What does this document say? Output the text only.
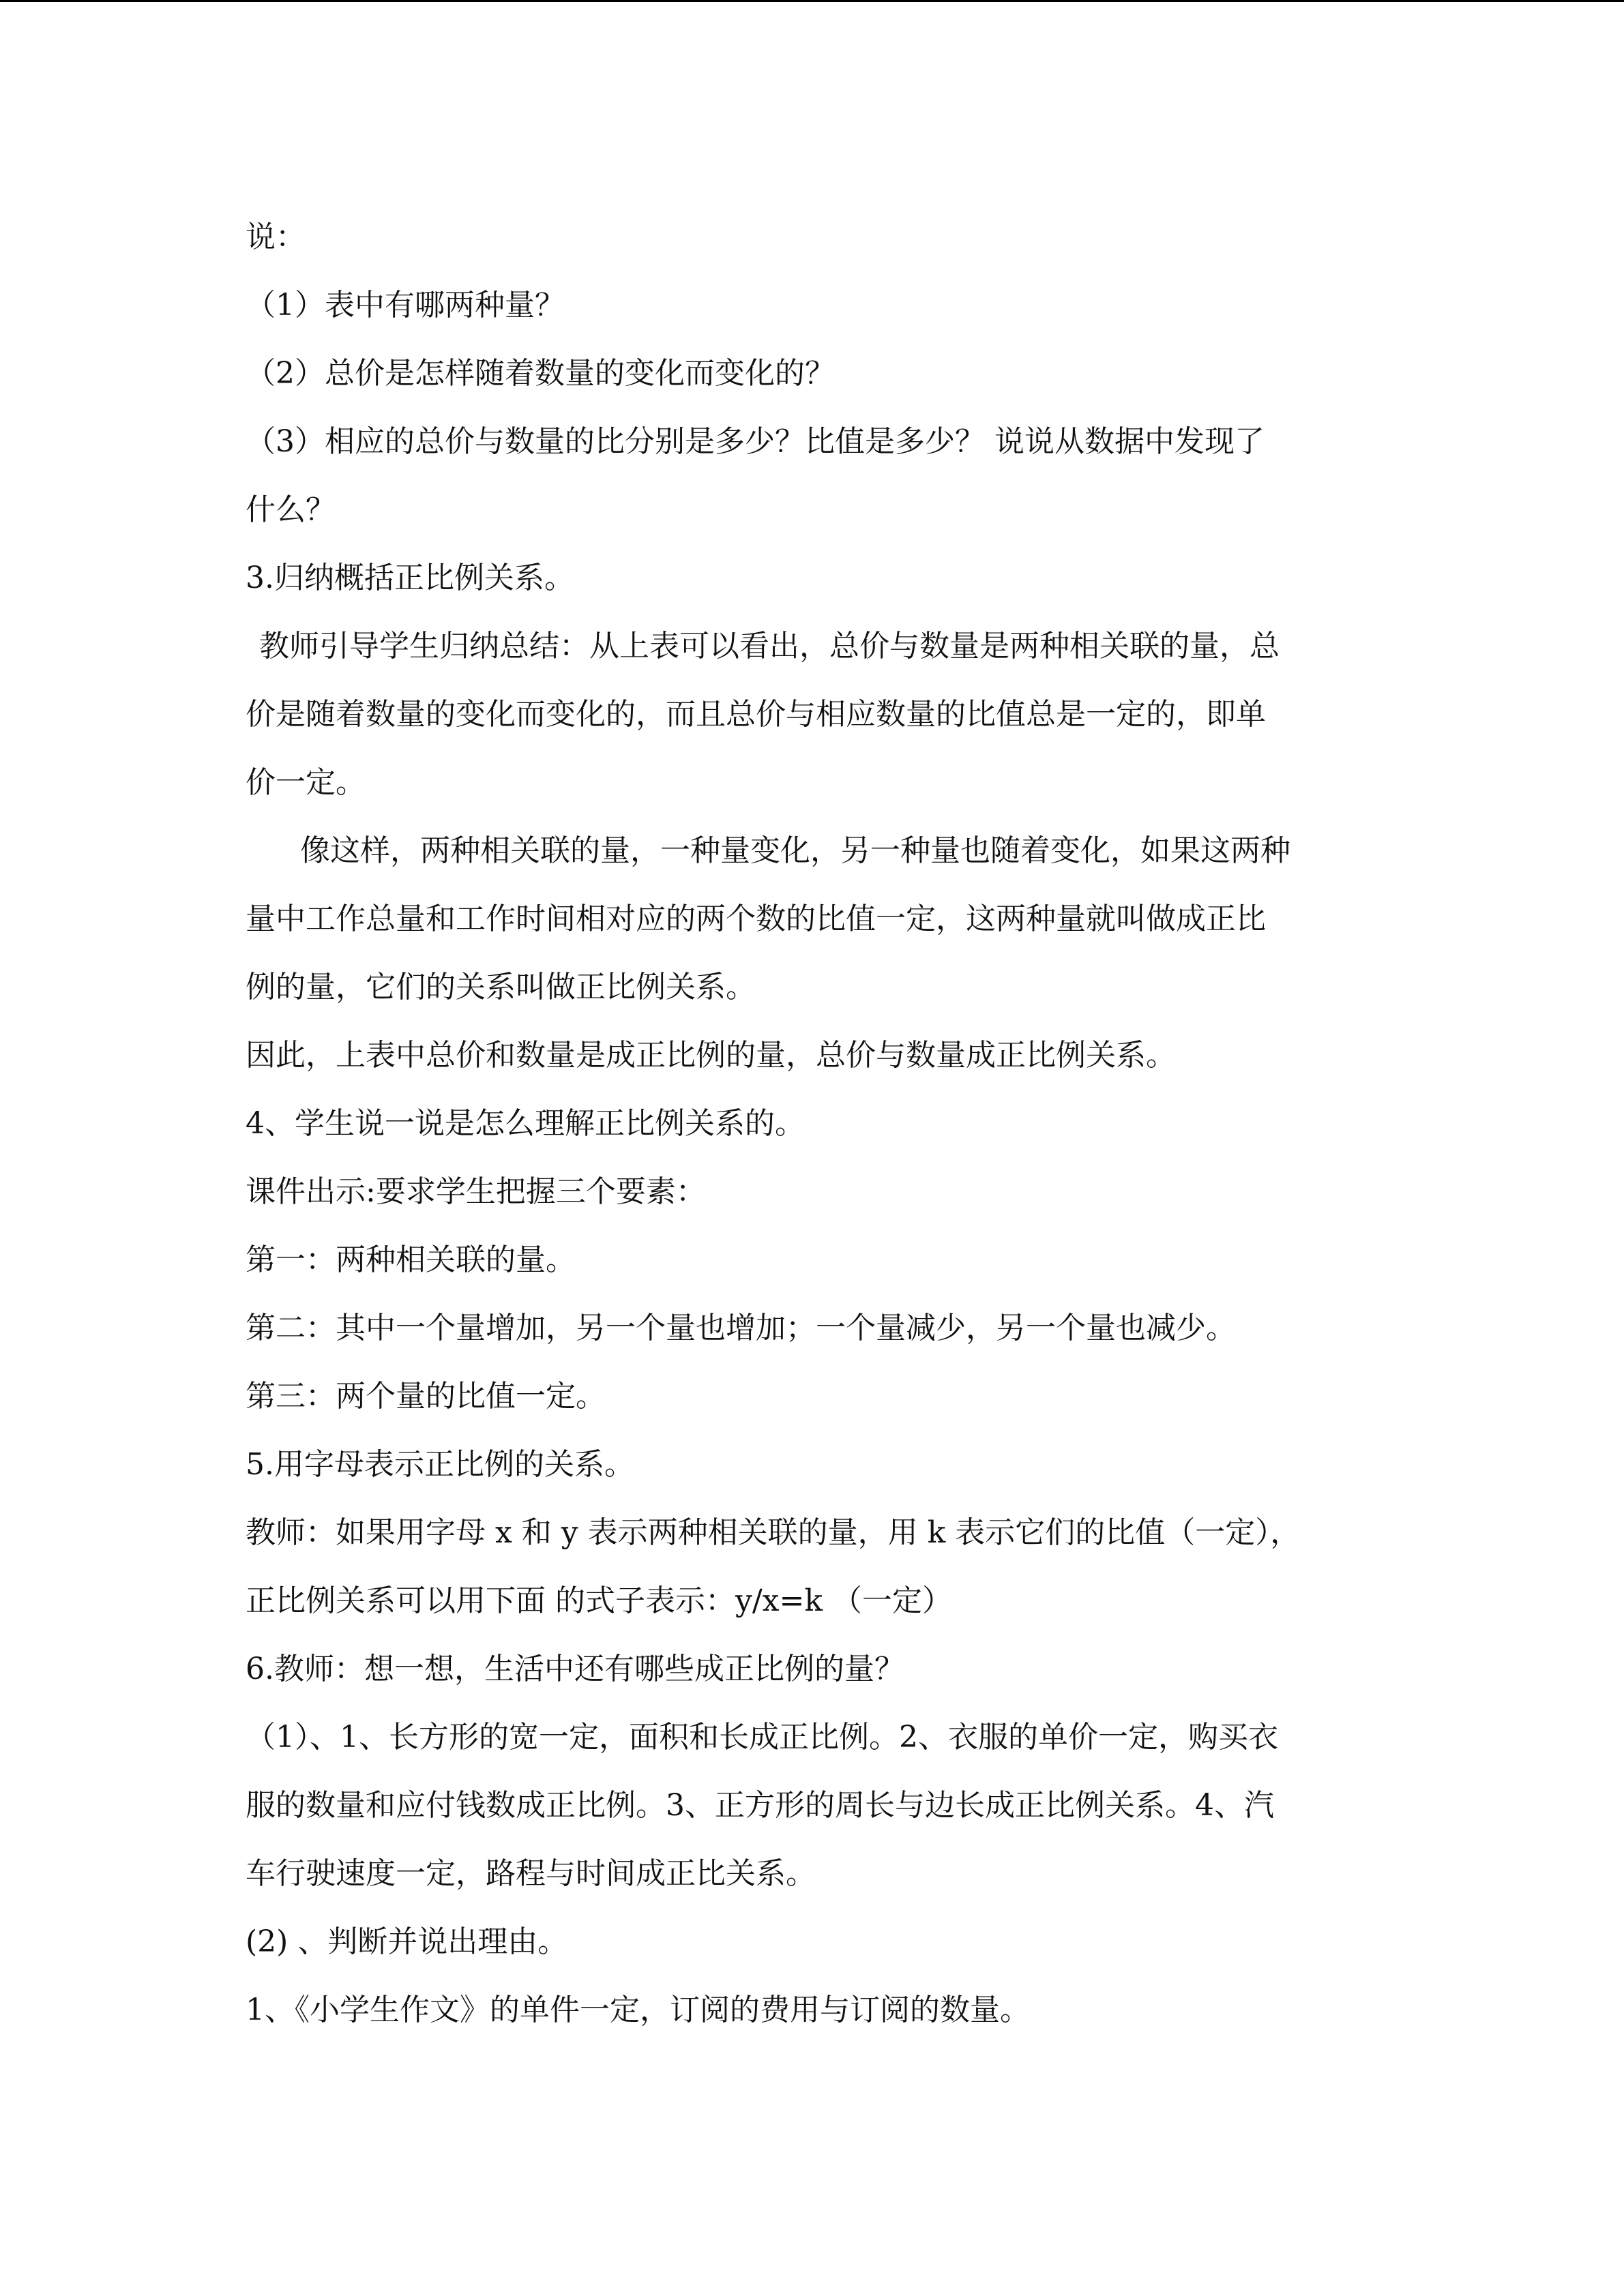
说：
（1）表中有哪两种量？
（2）总价是怎样随着数量的变化而变化的？
（3）相应的总价与数量的比分别是多少？比值是多少？ 说说从数据中发现了
什么？
3.归纳概括正比例关系。
教师引导学生归纳总结：从上表可以看出，总价与数量是两种相关联的量，总
价是随着数量的变化而变化的，而且总价与相应数量的比值总是一定的，即单
价一定。
像这样，两种相关联的量，一种量变化，另一种量也随着变化，如果这两种
量中工作总量和工作时间相对应的两个数的比值一定，这两种量就叫做成正比
例的量，它们的关系叫做正比例关系。
因此，上表中总价和数量是成正比例的量，总价与数量成正比例关系。
4、学生说一说是怎么理解正比例关系的。
课件出示:要求学生把握三个要素：
第一：两种相关联的量。
第二：其中一个量增加，另一个量也增加；一个量减少，另一个量也减少。
第三：两个量的比值一定。
5.用字母表示正比例的关系。
教师：如果用字母 x 和 y 表示两种相关联的量，用 k 表示它们的比值（一定），
正比例关系可以用下面 的式子表示：y/x=k （一定）
6.教师：想一想，生活中还有哪些成正比例的量？
（1）、1、长方形的宽一定，面积和长成正比例。2、衣服的单价一定，购买衣
服的数量和应付钱数成正比例。3、正方形的周长与边长成正比例关系。4、汽
车行驶速度一定，路程与时间成正比关系。
(2) 、判断并说出理由。
1、《小学生作文》的单件一定，订阅的费用与订阅的数量。
